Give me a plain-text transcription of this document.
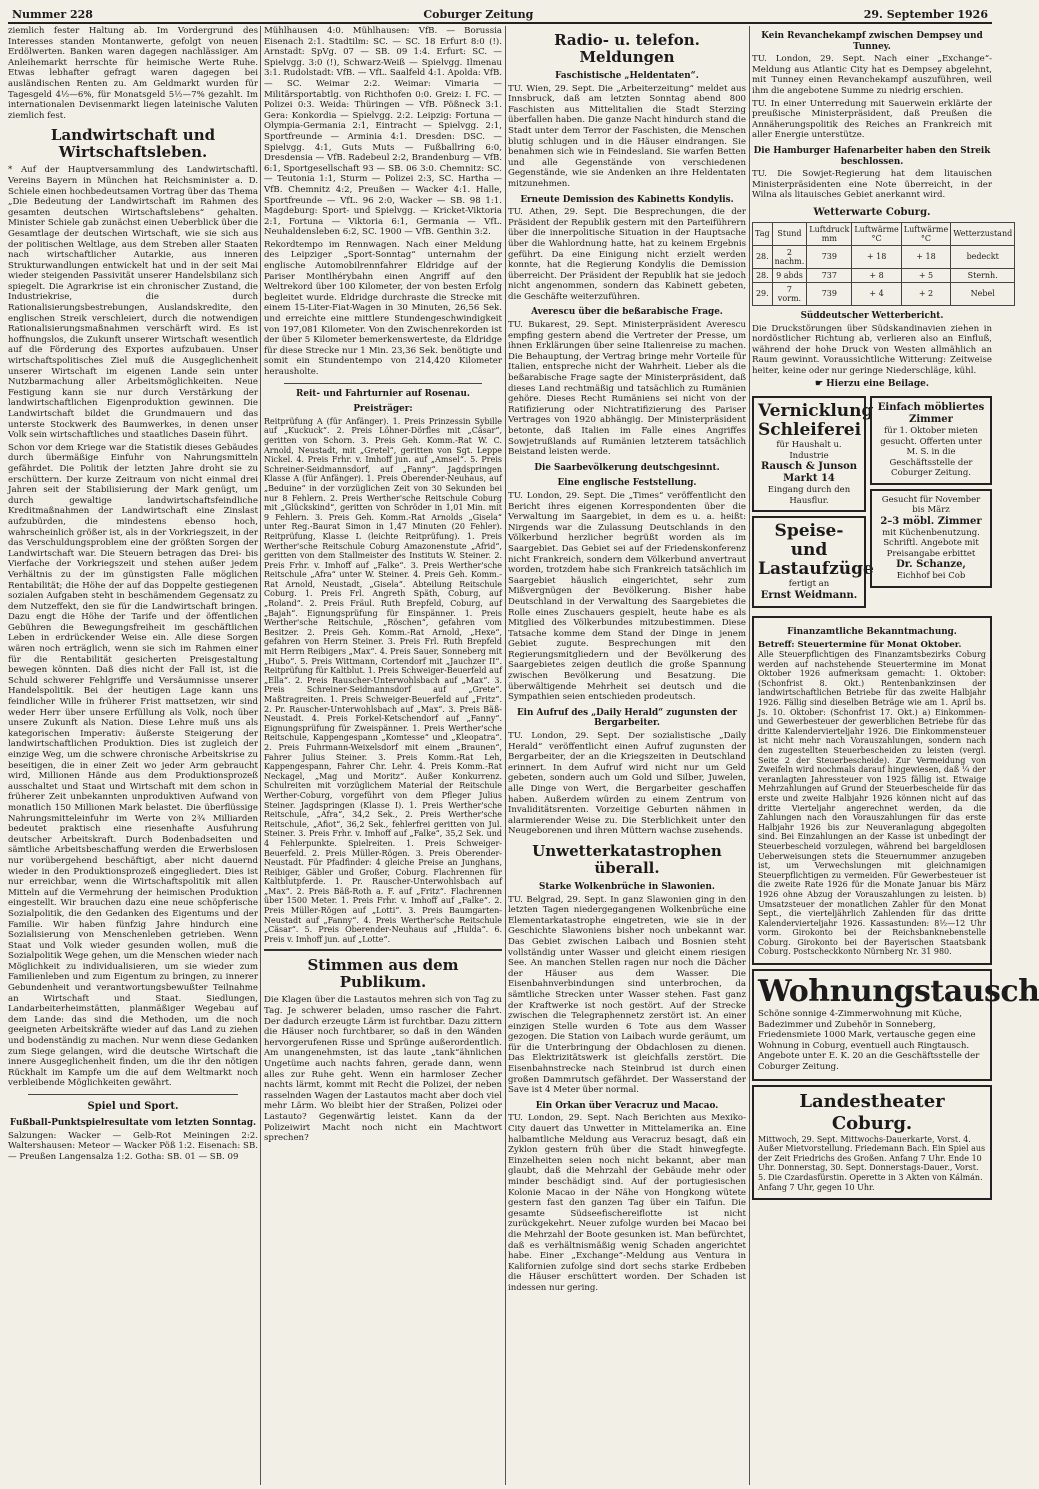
Nummer 228	Coburger Zeitung	29. September 1926

ziemlich fester Haltung ab. Im Vordergrund des Interesses standen Montanwerte, gefolgt von neuen Erdölwerten. Banken waren dagegen nachlässiger. Am Anleihemarkt herrschte für heimische Werte Ruhe. Etwas lebhafter gefragt waren dagegen bei ausländischen Renten zu. Am Geldmarkt wurden für Tagesgeld 4½—6%, für Monatsgeld 5½—7% gezahlt. Im internationalen Devisenmarkt liegen lateinische Valuten ziemlich fest.

Landwirtschaft und Wirtschaftsleben.

* Auf der Hauptversammlung des Landwirtschaftl. Vereins Bayern in München hat Reichsminister a. D. Schiele einen hochbedeutsamen Vortrag über das Thema „Die Bedeutung der Landwirtschaft im Rahmen des gesamten deutschen Wirtschaftslebens“ gehalten. Minister Schiele gab zunächst einen Ueberblick über die Gesamtlage der deutschen Wirtschaft, wie sie sich aus der politischen Weltlage, aus dem Streben aller Staaten nach wirtschaftlicher Autarkie, aus inneren Strukturwandlungen entwickelt hat und in der seit Mai wieder steigenden Passivität unserer Handelsbilanz sich spiegelt. Die Agrarkrise ist ein chronischer Zustand, die Industriekrise, die durch Rationalisierungsbestrebungen, Auslandskredite, den englischen Streik verschleiert, durch die notwendigen Rationalisierungsmaßnahmen verschärft wird. Es ist hoffnungslos, die Zukunft unserer Wirtschaft wesentlich auf die Förderung des Exportes aufzubauen. Unser wirtschaftspolitisches Ziel muß die Ausgeglichenheit unserer Wirtschaft im eigenen Lande sein unter Nutzbarmachung aller Arbeitsmöglichkeiten. Neue Festigung kann sie nur durch Verstärkung der landwirtschaftlichen Eigenproduktion gewinnen. Die Landwirtschaft bildet die Grundmauern und das unterste Stockwerk des Baumwerkes, in denen unser Volk sein wirtschaftliches und staatliches Dasein führt.

Schon vor dem Kriege war die Statistik dieses Gebäudes durch übermäßige Einfuhr von Nahrungsmitteln gefährdet. Die Politik der letzten Jahre droht sie zu erschüttern. Der kurze Zeitraum von nicht einmal drei Jahren seit der Stabilisierung der Mark genügt, um durch gewaltige landwirtschaftsfeindliche Kreditmaßnahmen der Landwirtschaft eine Zinslast aufzubürden, die mindestens ebenso hoch, wahrscheinlich größer ist, als in der Vorkriegszeit, in der das Verschuldungsproblem eine der größten Sorgen der Landwirtschaft war. Die Steuern betragen das Drei- bis Vierfache der Vorkriegszeit und stehen außer jedem Verhältnis zu der im günstigsten Falle möglichen Rentabilität; die Höhe der auf das Doppelte gestiegenen sozialen Aufgaben steht in beschämendem Gegensatz zu dem Nutzeffekt, den sie für die Landwirtschaft bringen. Dazu engt die Höhe der Tarife und der öffentlichen Gebühren die Bewegungsfreiheit im geschäftlichen Leben in erdrückender Weise ein. Alle diese Sorgen wären noch erträglich, wenn sie sich im Rahmen einer für die Rentabilität gesicherten Preisgestaltung bewegen könnten. Daß dies nicht der Fall ist, ist die Schuld schwerer Fehlgriffe und Versäumnisse unserer Handelspolitik. Bei der heutigen Lage kann uns feindlicher Wille in früherer Frist mattsetzen, wir sind weder Herr über unsere Erfüllung als Volk, noch über unsere Zukunft als Nation. Diese Lehre muß uns als kategorischen Imperativ: äußerste Steigerung der landwirtschaftlichen Produktion. Dies ist zugleich der einzige Weg, um die schwere chronische Arbeitskrise zu beseitigen, die in einer Zeit wo jeder Arm gebraucht wird, Millionen Hände aus dem Produktionsprozeß ausschaltet und Staat und Wirtschaft mit dem schon in früherer Zeit unbekannten unproduktiven Aufwand von monatlich 150 Millionen Mark belastet. Die überflüssige Nahrungsmitteleinfuhr im Werte von 2¾ Milliarden bedeutet praktisch eine riesenhafte Ausfuhrung deutscher Arbeitskraft. Durch Bodenbadseiten und sämtliche Arbeitsbeschaffung werden die Erwerbslosen nur vorübergehend beschäftigt, aber nicht dauernd wieder in den Produktionsprozeß eingegliedert. Dies ist nur erreichbar, wenn die Wirtschaftspolitik mit allen Mitteln auf die Vermehrung der heimischen Produktion eingestellt. Wir brauchen dazu eine neue schöpferische Sozialpolitik, die den Gedanken des Eigentums und der Familie. Wir haben fünfzig Jahre hindurch eine Sozialisierung von Menschenleben getrieben. Wenn Staat und Volk wieder gesunden wollen, muß die Sozialpolitik Wege gehen, um die Menschen wieder nach Möglichkeit zu individualisieren, um sie wieder zum Familienleben und zum Eigentum zu bringen, zu innerer Gebundenheit und verantwortungsbewußter Teilnahme an Wirtschaft und Staat. Siedlungen, Landarbeiterheimstätten, planmäßiger Wegebau auf dem Lande: das sind die Methoden, um die noch geeigneten Arbeitskräfte wieder auf das Land zu ziehen und bodenständig zu machen. Nur wenn diese Gedanken zum Siege gelangen, wird die deutsche Wirtschaft die innere Ausgeglichenheit finden, um die ihr den nötigen Rückhalt im Kampfe um die auf dem Weltmarkt noch verbleibende Möglichkeiten gewährt.

Spiel und Sport.
Fußball-Punktspielresultate vom letzten Sonntag.

Salzungen: Wacker — Gelb-Rot Meiningen 2:2. Waltershausen: Meteor — Wacker Pöß 1:2. Eisenach: SB. — Preußen Langensalza 1:2. Gotha: SB. 01 — SB. 09

Mühlhausen 4:0. Mühlhausen: VfB. — Borussia Eisenach 2:1. Stadtilm: SC. — SC. 18 Erfurt 8:0 (!). Arnstadt: SpVg. 07 — SB. 09 1:4. Erfurt: SC. — Spielvgg. 3:0 (!), Schwarz-Weiß — Spielvgg. Ilmenau 3:1. Rudolstadt: VfB. — VfL. Saalfeld 4:1. Apolda: VfB. — SC. Weimar 2:2. Weimar: Vimaria — Militärsportabtlg. von Richthofen 0:0. Greiz: I. FC. — Polizei 0:3. Weida: Thüringen — VfB. Pößneck 3:1. Gera: Konkordia — Spielvgg. 2:2. Leipzig: Fortuna — Olympia-Germania 2:1, Eintracht — Spielvgg. 2:1, Sportfreunde — Arminia 4:1. Dresden: DSC. — Spielvgg. 4:1, Guts Muts — Fußballring 6:0, Dresdensia — VfB. Radebeul 2:2, Brandenburg — VfB. 6:1, Sportgesellschaft 93 — SB. 06 3:0. Chemnitz: SC. — Teutonia 1:1, Sturm — Polizei 2:3, SC. Hartha — VfB. Chemnitz 4:2, Preußen — Wacker 4:1. Halle, Sportfreunde — VfL. 96 2:0, Wacker — SB. 98 1:1. Magdeburg: Sport- und Spielvgg. — Kricket-Viktoria 2:1, Fortuna — Viktoria 6:1, Germania — VfL. Neuhaldensleben 6:2, SC. 1900 — VfB. Genthin 3:2.

Rekordtempo im Rennwagen. Nach einer Meldung des Leipziger „Sport-Sonntag“ unternahm der englische Automobilrennfahrer Eldridge auf der Pariser Montlhérybahn einen Angriff auf den Weltrekord über 100 Kilometer, der von besten Erfolg begleitet wurde. Eldridge durchraste die Strecke mit einem 15-Liter-Fiat-Wagen in 30 Minuten, 26,56 Sek. und erreichte eine mittlere Stundengeschwindigkeit von 197,081 Kilometer. Von den Zwischenrekorden ist der über 5 Kilometer bemerkenswerteste, da Eldridge für diese Strecke nur 1 Min. 23,36 Sek. benötigte und somit ein Stundentempo von 214,420 Kilometer herausholte.

Reit- und Fahrturnier auf Rosenau.
Preisträger:

Reitprüfung A (für Anfänger). 1. Preis Prinzessin Sybille auf „Kuckuck“. 2. Preis Löhner-Dörfles mit „Cäsar“, geritten von Schorn. 3. Preis Geh. Komm.-Rat W. C. Arnold, Neustadt, mit „Gretel“, geritten von Sgt. Leppe Nickel. 4. Preis Frhr. v. Imhoff jun. auf „Amsel“. 5. Preis Schreiner-Seidmannsdorf, auf „Fanny“. Jagdspringen Klasse A (für Anfänger). 1. Preis Oberender-Neuhaus, auf „Beduine“ in der vorzüglichen Zeit von 30 Sekunden bei nur 8 Fehlern. 2. Preis Werther'sche Reitschule Coburg mit „Glückskind“, geritten von Schröder in 1,01 Min. mit 9 Fehlern. 3. Preis Geh. Komm.-Rat Arnolds „Gisela“ unter Reg.-Baurat Simon in 1,47 Minuten (20 Fehler). Reitprüfung, Klasse L (leichte Reitprüfung). 1. Preis Werther'sche Reitschule Coburg Amazonenstute „Afrid“, geritten von dem Stallmeister des Instituts W. Steiner. 2. Preis Frhr. v. Imhoff auf „Falke“. 3. Preis Werther'sche Reitschule „Afra“ unter W. Steiner. 4. Preis Geh. Komm.-Rat Arnold, Neustadt, „Gisela“. Abteilung Reitschule Coburg. 1. Preis Frl. Angreth Späth, Coburg, auf „Roland“. 2. Preis Fräul. Ruth Brepfeld, Coburg, auf „Bajah“. Eignungsprüfung für Einspänner. 1. Preis Werther'sche Reitschule, „Röschen“, gefahren vom Besitzer. 2. Preis Geh. Komm.-Rat Arnold, „Hexe“, gefahren von Herrn Steiner. 3. Preis Frl. Ruth Brepfeld mit Herrn Reibigers „Max“. 4. Preis Sauer, Sonneberg mit „Hubo“. 5. Preis Wittmann, Cortendorf mit „Jauchzer II“. Reitprüfung für Kaltblut. 1. Preis Schweiger-Beuerfeld auf „Ella“. 2. Preis Rauscher-Unterwohlsbach auf „Max“. 3. Preis Schreiner-Seidmannsdorf auf „Grete“. Maßtragreiten. 1. Preis Schweiger-Beuerfeld auf „Fritz“. 2. Pr. Rauscher-Unterwohlsbach auf „Max“. 3. Preis Bäß-Neustadt. 4. Preis Forkel-Ketschendorf auf „Fanny“. Eignungsprüfung für Zweispänner. 1. Preis Werther'sche Reitschule, Kappengespann „Komtesse“ und „Kleopatra“. 2. Preis Fuhrmann-Weixelsdorf mit einem „Braunen“, Fahrer Julius Steiner. 3. Preis Komm.-Rat Leh, Kappengespann, Fahrer Chr. Lehr. 4. Preis Komm.-Rat Neckagel, „Mag und Moritz“. Außer Konkurrenz. Schulreiten mit vorzüglichem Material der Reitschule Werther-Coburg, vorgeführt von dem Pfleger Julius Steiner. Jagdspringen (Klasse I). 1. Preis Werther'sche Reitschule, „Afra“, 34,2 Sek., 2. Preis Werther'sche Reitschule, „Afiot“, 36,2 Sek., fehlerfrei geritten von Jul. Steiner. 3. Preis Frhr. v. Imhoff auf „Falke“, 35,2 Sek. und 4 Fehlerpunkte. Spielreiten. 1. Preis Schweiger-Beuerfeld. 2. Preis Müller-Rögen. 3. Preis Oberender-Neustadt. Für Pfadfinder: 4 gleiche Preise an Junghans, Reibiger, Gäbler und Großer, Coburg. Flachrennen für Kaltblutpferde. 1. Pr. Rauscher-Unterwohlsbach auf „Max“. 2. Preis Bäß-Roth a. F. auf „Fritz“. Flachrennen über 1500 Meter. 1. Preis Frhr. v. Imhoff auf „Falke“. 2. Preis Müller-Rögen auf „Lotti“. 3. Preis Baumgarten-Neustadt auf „Fanny“. 4. Preis Werther'sche Reitschule „Cäsar“. 5. Preis Oberender-Neuhaus auf „Hulda“. 6. Preis v. Imhoff jun. auf „Lotte“.

Stimmen aus dem Publikum.

Die Klagen über die Lastautos mehren sich von Tag zu Tag. Je schwerer beladen, umso rascher die Fahrt. Der dadurch erzeugte Lärm ist furchtbar. Dazu zittern die Häuser noch furchtbarer, so daß in den Wänden hervorgerufenen Risse und Sprünge außerordentlich. Am unangenehmsten, ist das laute „tank“ähnlichen Ungetüme auch nachts fahren, gerade dann, wenn alles zur Ruhe geht. Wenn ein harmloser Zecher nachts lärmt, kommt mit Recht die Polizei, der neben rasselnden Wagen der Lastautos macht aber doch viel mehr Lärm. Wo bleibt hier der Straßen, Polizei oder Lastauto? Gegenwärtig leistet. Kann da der Polizeiwirt Macht noch nicht ein Machtwort sprechen?

Radio- u. telefon. Meldungen
Faschistische „Heldentaten“.

TU. Wien, 29. Sept. Die „Arbeiterzeitung“ meldet aus Innsbruck, daß am letzten Sonntag abend 800 Faschisten aus Mittelitalien die Stadt Sterzing überfallen haben. Die ganze Nacht hindurch stand die Stadt unter dem Terror der Faschisten, die Menschen blutig schlugen und in die Häuser eindrangen. Sie benahmen sich wie in Feindesland. Sie warfen Betten und alle Gegenstände von verschiedenen Gegenstände, wie sie Andenken an ihre Heldentaten mitzunehmen.

Erneute Demission des Kabinetts Kondylis.

TU. Athen, 29. Sept. Die Besprechungen, die der Präsident der Republik gestern mit den Parteiführern über die innerpolitische Situation in der Hauptsache über die Wahlordnung hatte, hat zu keinem Ergebnis geführt. Da eine Einigung nicht erzielt werden konnte, hat die Regierung Kondylis die Demission überreicht. Der Präsident der Republik hat sie jedoch nicht angenommen, sondern das Kabinett gebeten, die Geschäfte weiterzuführen.

Averescu über die beßarabische Frage.

TU. Bukarest, 29. Sept. Ministerpräsident Averescu empfing gestern abend die Vertreter der Presse, um ihnen Erklärungen über seine Italienreise zu machen. Die Behauptung, der Vertrag bringe mehr Vorteile für Italien, entspreche nicht der Wahrheit. Lieber als die beßarabische Frage sagte der Ministerpräsident, daß dieses Land rechtmäßig und tatsächlich zu Rumänien gehöre. Dieses Recht Rumäniens sei nicht von der Ratifizierung oder Nichtratifizierung des Pariser Vertrages von 1920 abhängig. Der Ministerpräsident betonte, daß Italien im Falle eines Angriffes Sowjetrußlands auf Rumänien letzterem tatsächlich Beistand leisten werde.

Die Saarbevölkerung deutschgesinnt.
Eine englische Feststellung.

TU. London, 29. Sept. Die „Times“ veröffentlicht den Bericht ihres eigenen Korrespondenten über die Verwaltung im Saargebiet, in dem es u. a. heißt: Nirgends war die Zulassung Deutschlands in den Völkerbund herzlicher begrüßt worden als im Saargebiet. Das Gebiet sei auf der Friedenskonferenz nicht Frankreich, sondern dem Völkerbund anvertraut worden, trotzdem habe sich Frankreich tatsächlich im Saargebiet häuslich eingerichtet, sehr zum Mißvergnügen der Bevölkerung. Bisher habe Deutschland in der Verwaltung des Saargebietes die Rolle eines Zuschauers gespielt, heute habe es als Mitglied des Völkerbundes mitzubestimmen. Diese Tatsache komme dem Stand der Dinge in jenem Gebiet zugute. Besprechungen mit den Regierungsmitgliedern und der Bevölkerung des Saargebietes zeigen deutlich die große Spannung zwischen Bevölkerung und Besatzung. Die überwältigende Mehrheit sei deutsch und die Sympathien seien entschieden prodeutsch.

Ein Aufruf des „Daily Herald“ zugunsten der Bergarbeiter.

TU. London, 29. Sept. Der sozialistische „Daily Herald“ veröffentlicht einen Aufruf zugunsten der Bergarbeiter, der an die Kriegszeiten in Deutschland erinnert. In dem Aufruf wird nicht nur um Geld gebeten, sondern auch um Gold und Silber, Juwelen, alle Dinge von Wert, die Bergarbeiter geschaffen haben. Außerdem würden zu einem Zentrum von Invaliditätsrenten. Vorzeitige Geburten nähmen in alarmierender Weise zu. Die Sterblichkeit unter den Neugeborenen und ihren Müttern wachse zusehends.

Unwetterkatastrophen überall.
Starke Wolkenbrüche in Slawonien.

TU. Belgrad, 29. Sept. In ganz Slawonien ging in den letzten Tagen niedergegangenen Wolkenbrüche eine Elementarkatastrophe eingetreten, wie sie in der Geschichte Slawoniens bisher noch unbekannt war. Das Gebiet zwischen Laibach und Bosnien steht vollständig unter Wasser und gleicht einem riesigen See. An manchen Stellen ragen nur noch die Dächer der Häuser aus dem Wasser. Die Eisenbahnverbindungen sind unterbrochen, da sämtliche Strecken unter Wasser stehen. Fast ganz der Kraftwerke ist noch gestört. Auf der Strecke zwischen die Telegraphennetz zerstört ist. An einer einzigen Stelle wurden 6 Tote aus dem Wasser gezogen. Die Station von Laibach wurde geräumt, um für die Unterbringung der Obdachlosen zu dienen. Das Elektrizitätswerk ist gleichfalls zerstört. Die Eisenbahnstrecke nach Steinbrud ist durch einen großen Dammrutsch gefährdet. Der Wasserstand der Save ist 4 Meter über normal.

Ein Orkan über Veracruz und Macao.

TU. London, 29. Sept. Nach Berichten aus Mexiko-City dauert das Unwetter in Mittelamerika an. Eine halbamtliche Meldung aus Veracruz besagt, daß ein Zyklon gestern früh über die Stadt hinwegfegte. Einzelheiten seien noch nicht bekannt, aber man glaubt, daß die Mehrzahl der Gebäude mehr oder minder beschädigt sind. Auf der portugiesischen Kolonie Macao in der Nähe von Hongkong wütete gestern fast den ganzen Tag über ein Taifun. Die gesamte Südseefischereiflotte ist nicht zurückgekehrt. Neuer zufolge wurden bei Macao bei die Mehrzahl der Boote gesunken ist. Man befürchtet, daß es verhältnismäßig wenig Schaden angerichtet habe. Einer „Exchange“-Meldung aus Ventura in Kalifornien zufolge sind dort sechs starke Erdbeben die Häuser erschüttert worden. Der Schaden ist indessen nur gering.

Kein Revanchekampf zwischen Dempsey und Tunney.

TU. London, 29. Sept. Nach einer „Exchange“-Meldung aus Atlantic City hat es Dempsey abgelehnt, mit Tunney einen Revanchekampf auszuführen, weil ihm die angebotene Summe zu niedrig erschien.

TU. In einer Unterredung mit Sauerwein erklärte der preußische Ministerpräsident, daß Preußen die Annäherungspolitik des Reiches an Frankreich mit aller Energie unterstütze.

Die Hamburger Hafenarbeiter haben den Streik beschlossen.

TU. Die Sowjet-Regierung hat dem litauischen Ministerpräsidenten eine Note überreicht, in der Wilna als litauisches Gebiet anerkannt wird.

Wetterwarte Coburg.
Tag	Stund	Luftdruck mm	Luftwärme °C	Luftwärme °C	Wetterzustand
28.	2 nachm.	739	+ 18	+ 18	bedeckt
28.	9 abds	737	+ 8	+ 5	Sternh.
29.	7 vorm.	739	+ 4	+ 2	Nebel
Süddeutscher Wetterbericht.

Die Druckstörungen über Südskandinavien ziehen in nordöstlicher Richtung ab, verlieren also an Einfluß, während der hohe Druck von Westen allmählich an Raum gewinnt. Voraussichtliche Witterung: Zeitweise heiter, keine oder nur geringe Niederschläge, kühl.

☛ Hierzu eine Beilage.
Vernicklung
Schleiferei
für Haushalt u. Industrie
Rausch & Junson
Markt 14
Eingang durch den Hausflur.
Speise- und Lastaufzüge
fertigt an
Ernst Weidmann.
Einfach möbliertes Zimmer
für 1. Oktober mieten gesucht. Offerten unter M. S. in die Geschäftsstelle der Coburger Zeitung.
Gesucht für November bis März
2–3 möbl. Zimmer
mit Küchenbenutzung. Schriftl. Angebote mit Preisangabe erbittet
Dr. Schanze,
Eichhof bei Cob
Finanzamtliche Bekanntmachung.
Betreff: Steuertermine für Monat Oktober.

Alle Steuerpflichtigen des Finanzamtsbezirks Coburg werden auf nachstehende Steuertermine im Monat Oktober 1926 aufmerksam gemacht: 1. Oktober: (Schonfrist 8. Okt.) Rentenbankzinsen der landwirtschaftlichen Betriebe für das zweite Halbjahr 1926. Fällig sind dieselben Beträge wie am 1. April bs. Js. 10. Oktober: (Schonfrist 17. Okt.) a) Einkommen- und Gewerbesteuer der gewerblichen Betriebe für das dritte Kalendervierteljahr 1926. Die Einkommensteuer ist nicht mehr nach Vorauszahlungen, sondern nach den zugestellten Steuerbescheiden zu leisten (vergl. Seite 2 der Steuerbescheide). Zur Vermeidung von Zweifeln wird nochmals darauf hingewiesen, daß ¼ der veranlagten Jahressteuer von 1925 fällig ist. Etwaige Mehrzahlungen auf Grund der Steuerbescheide für das erste und zweite Halbjahr 1926 können nicht auf das dritte Vierteljahr angerechnet werden, da die Zahlungen nach den Vorauszahlungen für das erste Halbjahr 1926 bis zur Neuveranlagung abgegolten sind. Bei Einzahlungen an der Kasse ist unbedingt der Steuerbescheid vorzulegen, während bei bargeldlosen Ueberweisungen stets die Steuernummer anzugeben ist, um Verwechslungen mit gleichnamigen Steuerpflichtigen zu vermeiden. Für Gewerbesteuer ist die zweite Rate 1926 für die Monate Januar bis März 1926 ohne Abzug der Vorauszahlungen zu leisten. b) Umsatzsteuer der monatlichen Zahler für den Monat Sept., die vierteljährlich Zahlenden für das dritte Kalendervierteljahr 1926. Kassastunden: 8½—12 Uhr vorm. Girokonto bei der Reichsbanknebenstelle Coburg. Girokonto bei der Bayerischen Staatsbank Coburg. Postscheckkonto Nürnberg Nr. 31 980.

Wohnungstausch

Schöne sonnige 4-Zimmerwohnung mit Küche, Badezimmer und Zubehör in Sonneberg, Friedensmiete 1000 Mark, vertausche gegen eine Wohnung in Coburg, eventuell auch Ringtausch. Angebote unter E. K. 20 an die Geschäftsstelle der Coburger Zeitung.

Landestheater Coburg.

Mittwoch, 29. Sept. Mittwochs-Dauerkarte, Vorst. 4. Außer Mietvorstellung. Friedemann Bach. Ein Spiel aus der Zeit Friedrichs des Großen. Anfang 7 Uhr. Ende 10 Uhr. Donnerstag, 30. Sept. Donnerstags-Dauer., Vorst. 5. Die Czardasfürstin. Operette in 3 Akten von Kálmán. Anfang 7 Uhr, gegen 10 Uhr.
